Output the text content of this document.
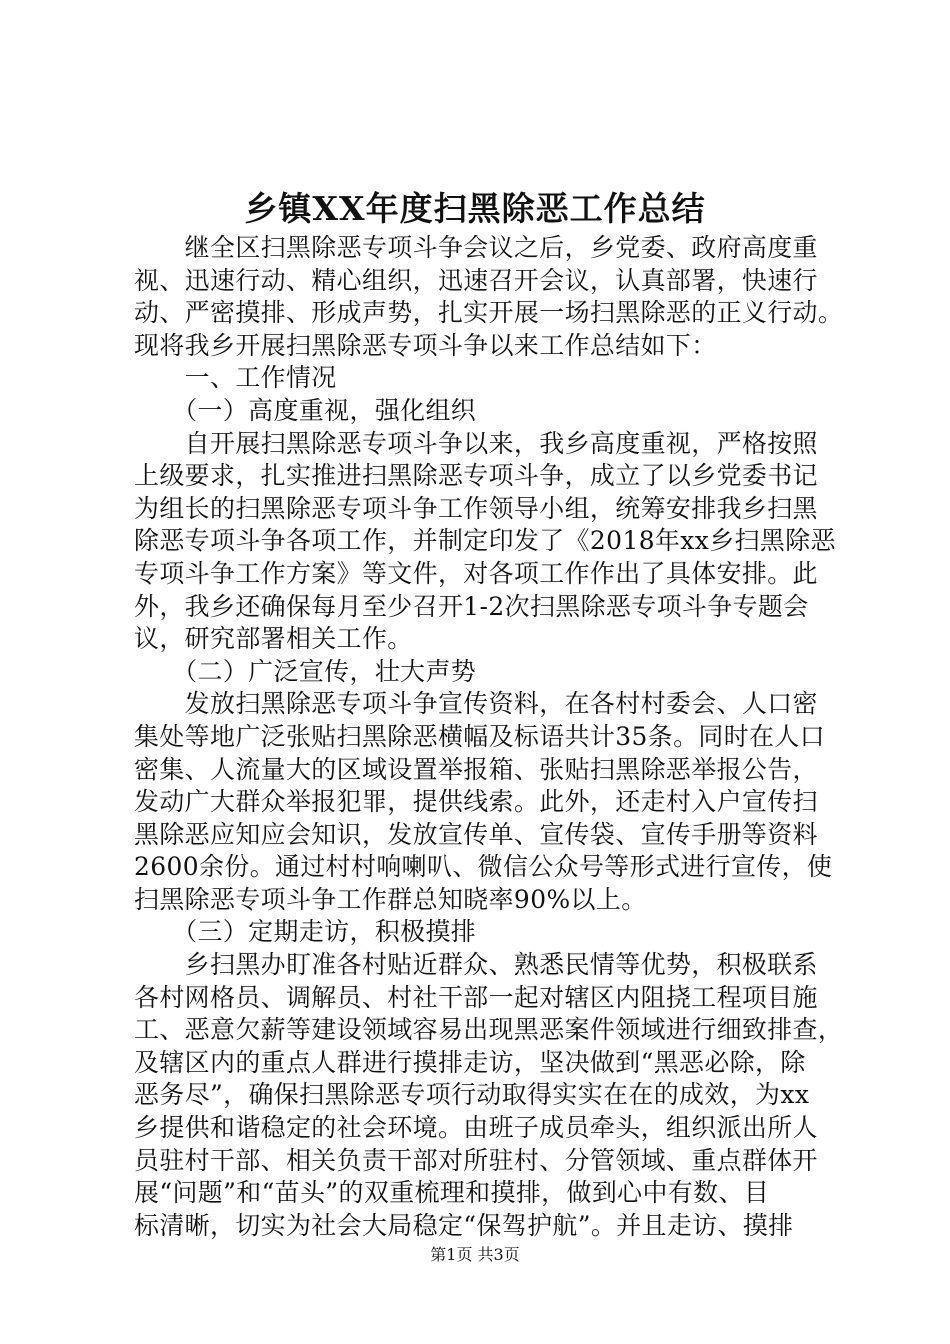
乡镇XX年度扫黑除恶工作总结
　　继全区扫黑除恶专项斗争会议之后，乡党委、政府高度重
视、迅速行动、精心组织，迅速召开会议，认真部署，快速行
动、严密摸排、形成声势，扎实开展一场扫黑除恶的正义行动。
现将我乡开展扫黑除恶专项斗争以来工作总结如下：
　　一、工作情况
　　（一）高度重视，强化组织
　　自开展扫黑除恶专项斗争以来，我乡高度重视，严格按照
上级要求，扎实推进扫黑除恶专项斗争，成立了以乡党委书记
为组长的扫黑除恶专项斗争工作领导小组，统筹安排我乡扫黑
除恶专项斗争各项工作，并制定印发了《2018年xx乡扫黑除恶
专项斗争工作方案》等文件，对各项工作作出了具体安排。此
外，我乡还确保每月至少召开1-2次扫黑除恶专项斗争专题会
议，研究部署相关工作。
　　（二）广泛宣传，壮大声势
　　发放扫黑除恶专项斗争宣传资料，在各村村委会、人口密
集处等地广泛张贴扫黑除恶横幅及标语共计35条。同时在人口
密集、人流量大的区域设置举报箱、张贴扫黑除恶举报公告，
发动广大群众举报犯罪，提供线索。此外，还走村入户宣传扫
黑除恶应知应会知识，发放宣传单、宣传袋、宣传手册等资料
2600余份。通过村村响喇叭、微信公众号等形式进行宣传，使
扫黑除恶专项斗争工作群总知晓率90%以上。
　　（三）定期走访，积极摸排
　　乡扫黑办盯准各村贴近群众、熟悉民情等优势，积极联系
各村网格员、调解员、村社干部一起对辖区内阻挠工程项目施
工、恶意欠薪等建设领域容易出现黑恶案件领域进行细致排查，
及辖区内的重点人群进行摸排走访，坚决做到“黑恶必除，除
恶务尽”，确保扫黑除恶专项行动取得实实在在的成效，为xx
乡提供和谐稳定的社会环境。由班子成员牵头，组织派出所人
员驻村干部、相关负责干部对所驻村、分管领域、重点群体开
展“问题”和“苗头”的双重梳理和摸排，做到心中有数、目
标清晰，切实为社会大局稳定“保驾护航”。并且走访、摸排
第1页 共3页
